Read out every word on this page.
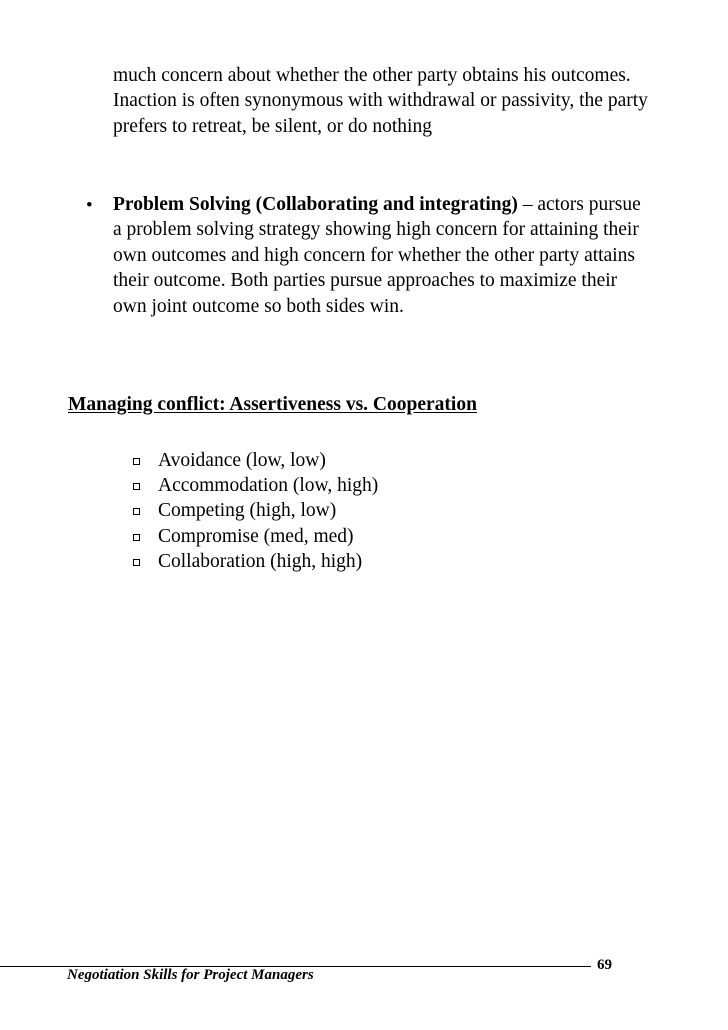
much concern about whether the other party obtains his outcomes. Inaction is often synonymous with withdrawal or passivity, the party prefers to retreat, be silent, or do nothing

• Problem Solving (Collaborating and integrating) – actors pursue a problem solving strategy showing high concern for attaining their own outcomes and high concern for whether the other party attains their outcome. Both parties pursue approaches to maximize their own joint outcome so both sides win.
Managing conflict: Assertiveness vs. Cooperation
Avoidance (low, low)
Accommodation (low, high)
Competing (high, low)
Compromise (med, med)
Collaboration (high, high)
Negotiation Skills for Project Managers
69
